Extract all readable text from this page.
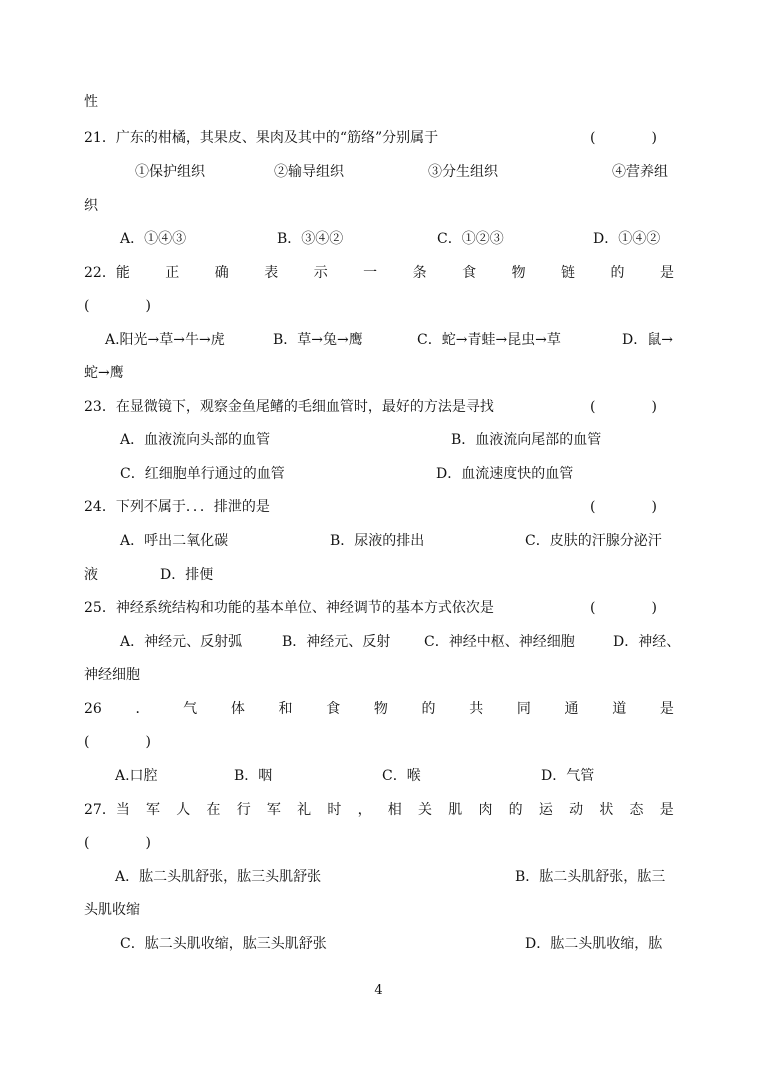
性
21．广东的柑橘，其果皮、果肉及其中的“筋络”分别属于	(　　　　)
①保护组织	②输导组织	③分生组织	④营养组
织
A．①④③	B．③④②	C．①②③	D．①④②
22．能	正	确	表	示	一	条	食	物	链	的	是
(　　　　)
A.阳光→草→牛→虎	B．草→兔→鹰	C．蛇→青蛙→昆虫→草	D．鼠→
蛇→鹰
23．在显微镜下，观察金鱼尾鳍的毛细血管时，最好的方法是寻找	(　　　　)
A．血液流向头部的血管	B．血液流向尾部的血管
C．红细胞单行通过的血管	D．血流速度快的血管
24．下列不属于．．．排泄的是	(　　　　)
A．呼出二氧化碳	B．尿液的排出	C．皮肤的汗腺分泌汗
液	D．排便
25．神经系统结构和功能的基本单位、神经调节的基本方式依次是	(　　　　)
A．神经元、反射弧	B．神经元、反射 C．神经中枢、神经细胞	D．神经、
神经细胞
26 ． 气 体 和 食 物 的 共 同 通 道 是
(　　　　)
A.口腔	B．咽	C．喉	D．气管
27．当 军 人 在 行 军 礼 时 ， 相 关 肌 肉 的 运 动 状 态 是
(　　　　)
A．肱二头肌舒张，肱三头肌舒张	B．肱二头肌舒张，肱三
头肌收缩
C．肱二头肌收缩，肱三头肌舒张	D．肱二头肌收缩，肱
4
